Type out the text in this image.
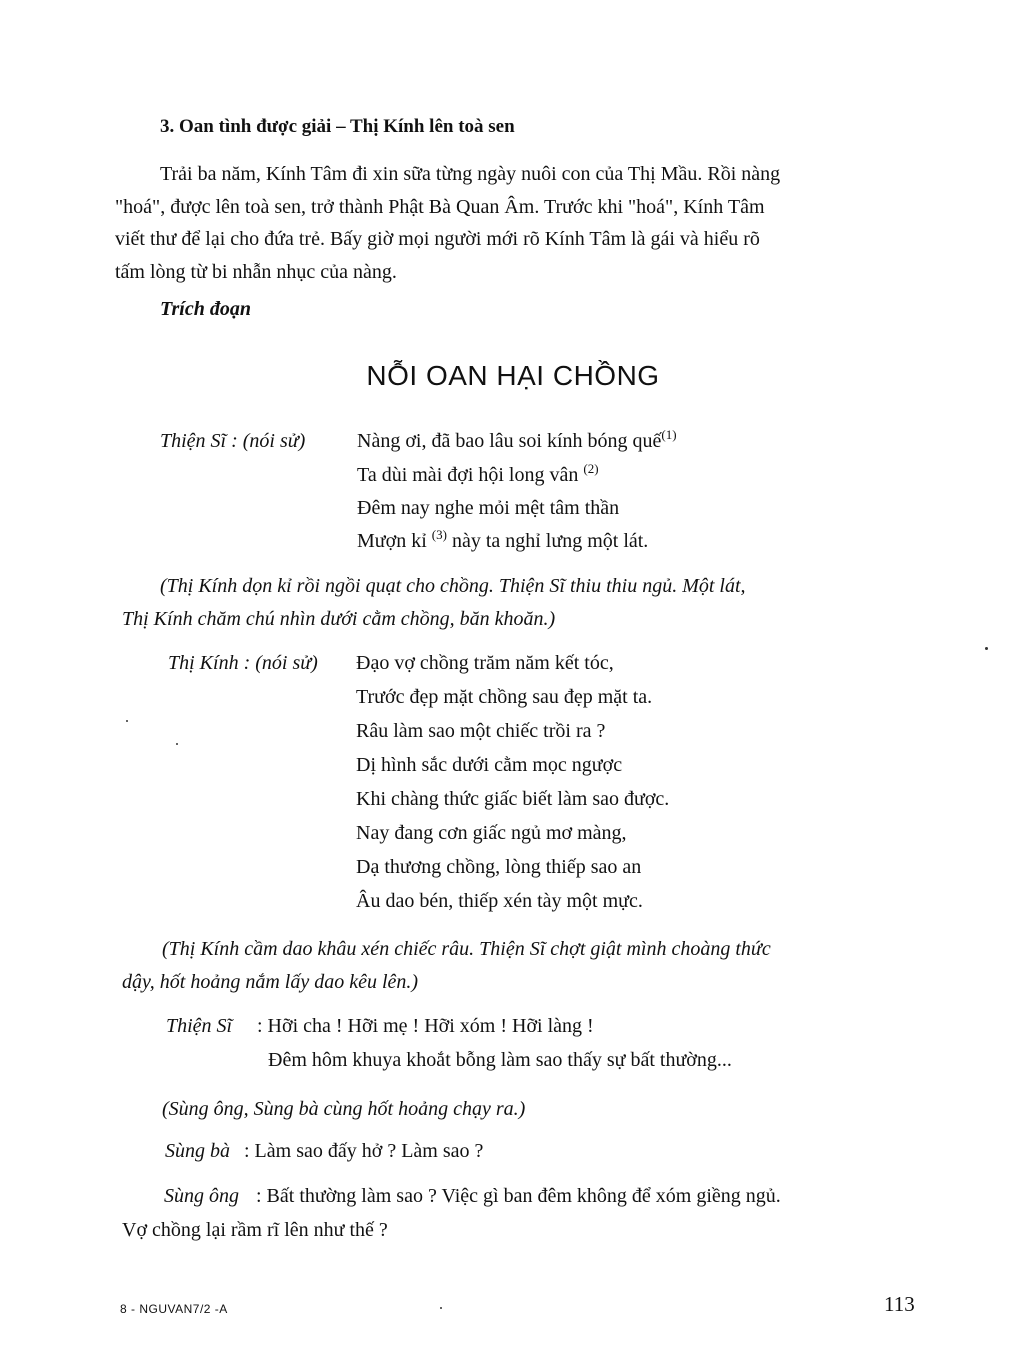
3. Oan tình được giải – Thị Kính lên toà sen
Trải ba năm, Kính Tâm đi xin sữa từng ngày nuôi con của Thị Mầu. Rồi nàng
"hoá", được lên toà sen, trở thành Phật Bà Quan Âm. Trước khi "hoá", Kính Tâm
viết thư để lại cho đứa trẻ. Bấy giờ mọi người mới rõ Kính Tâm là gái và hiểu rõ
tấm lòng từ bi nhẫn nhục của nàng.
Trích đoạn
NỖI OAN HẠI CHỒNG
Thiện Sĩ : (nói sử)	Nàng ơi, đã bao lâu soi kính bóng quế$^{(1)}$
Ta dùi mài đợi hội long vân $^{(2)}$
Đêm nay nghe mỏi mệt tâm thần
Mượn kỉ $^{(3)}$ này ta nghỉ lưng một lát.
(Thị Kính dọn kỉ rồi ngồi quạt cho chồng. Thiện Sĩ thiu thiu ngủ. Một lát,
Thị Kính chăm chú nhìn dưới cằm chồng, băn khoăn.)
Thị Kính : (nói sử) Đạo vợ chồng trăm năm kết tóc,
Trước đẹp mặt chồng sau đẹp mặt ta.
Râu làm sao một chiếc trồi ra ?
Dị hình sắc dưới cằm mọc ngược
Khi chàng thức giấc biết làm sao được.
Nay đang cơn giấc ngủ mơ màng,
Dạ thương chồng, lòng thiếp sao an
Âu dao bén, thiếp xén tày một mực.
(Thị Kính cầm dao khâu xén chiếc râu. Thiện Sĩ chợt giật mình choàng thức
dậy, hốt hoảng nắm lấy dao kêu lên.)
Thiện Sĩ : Hỡi cha ! Hỡi mẹ ! Hỡi xóm ! Hỡi làng !
Đêm hôm khuya khoắt bỗng làm sao thấy sự bất thường...
(Sùng ông, Sùng bà cùng hốt hoảng chạy ra.)
Sùng bà : Làm sao đấy hở ? Làm sao ?
Sùng ông : Bất thường làm sao ? Việc gì ban đêm không để xóm giềng ngủ.
Vợ chồng lại rầm rĩ lên như thế ?
8 - NGUVAN7/2 -A	113
